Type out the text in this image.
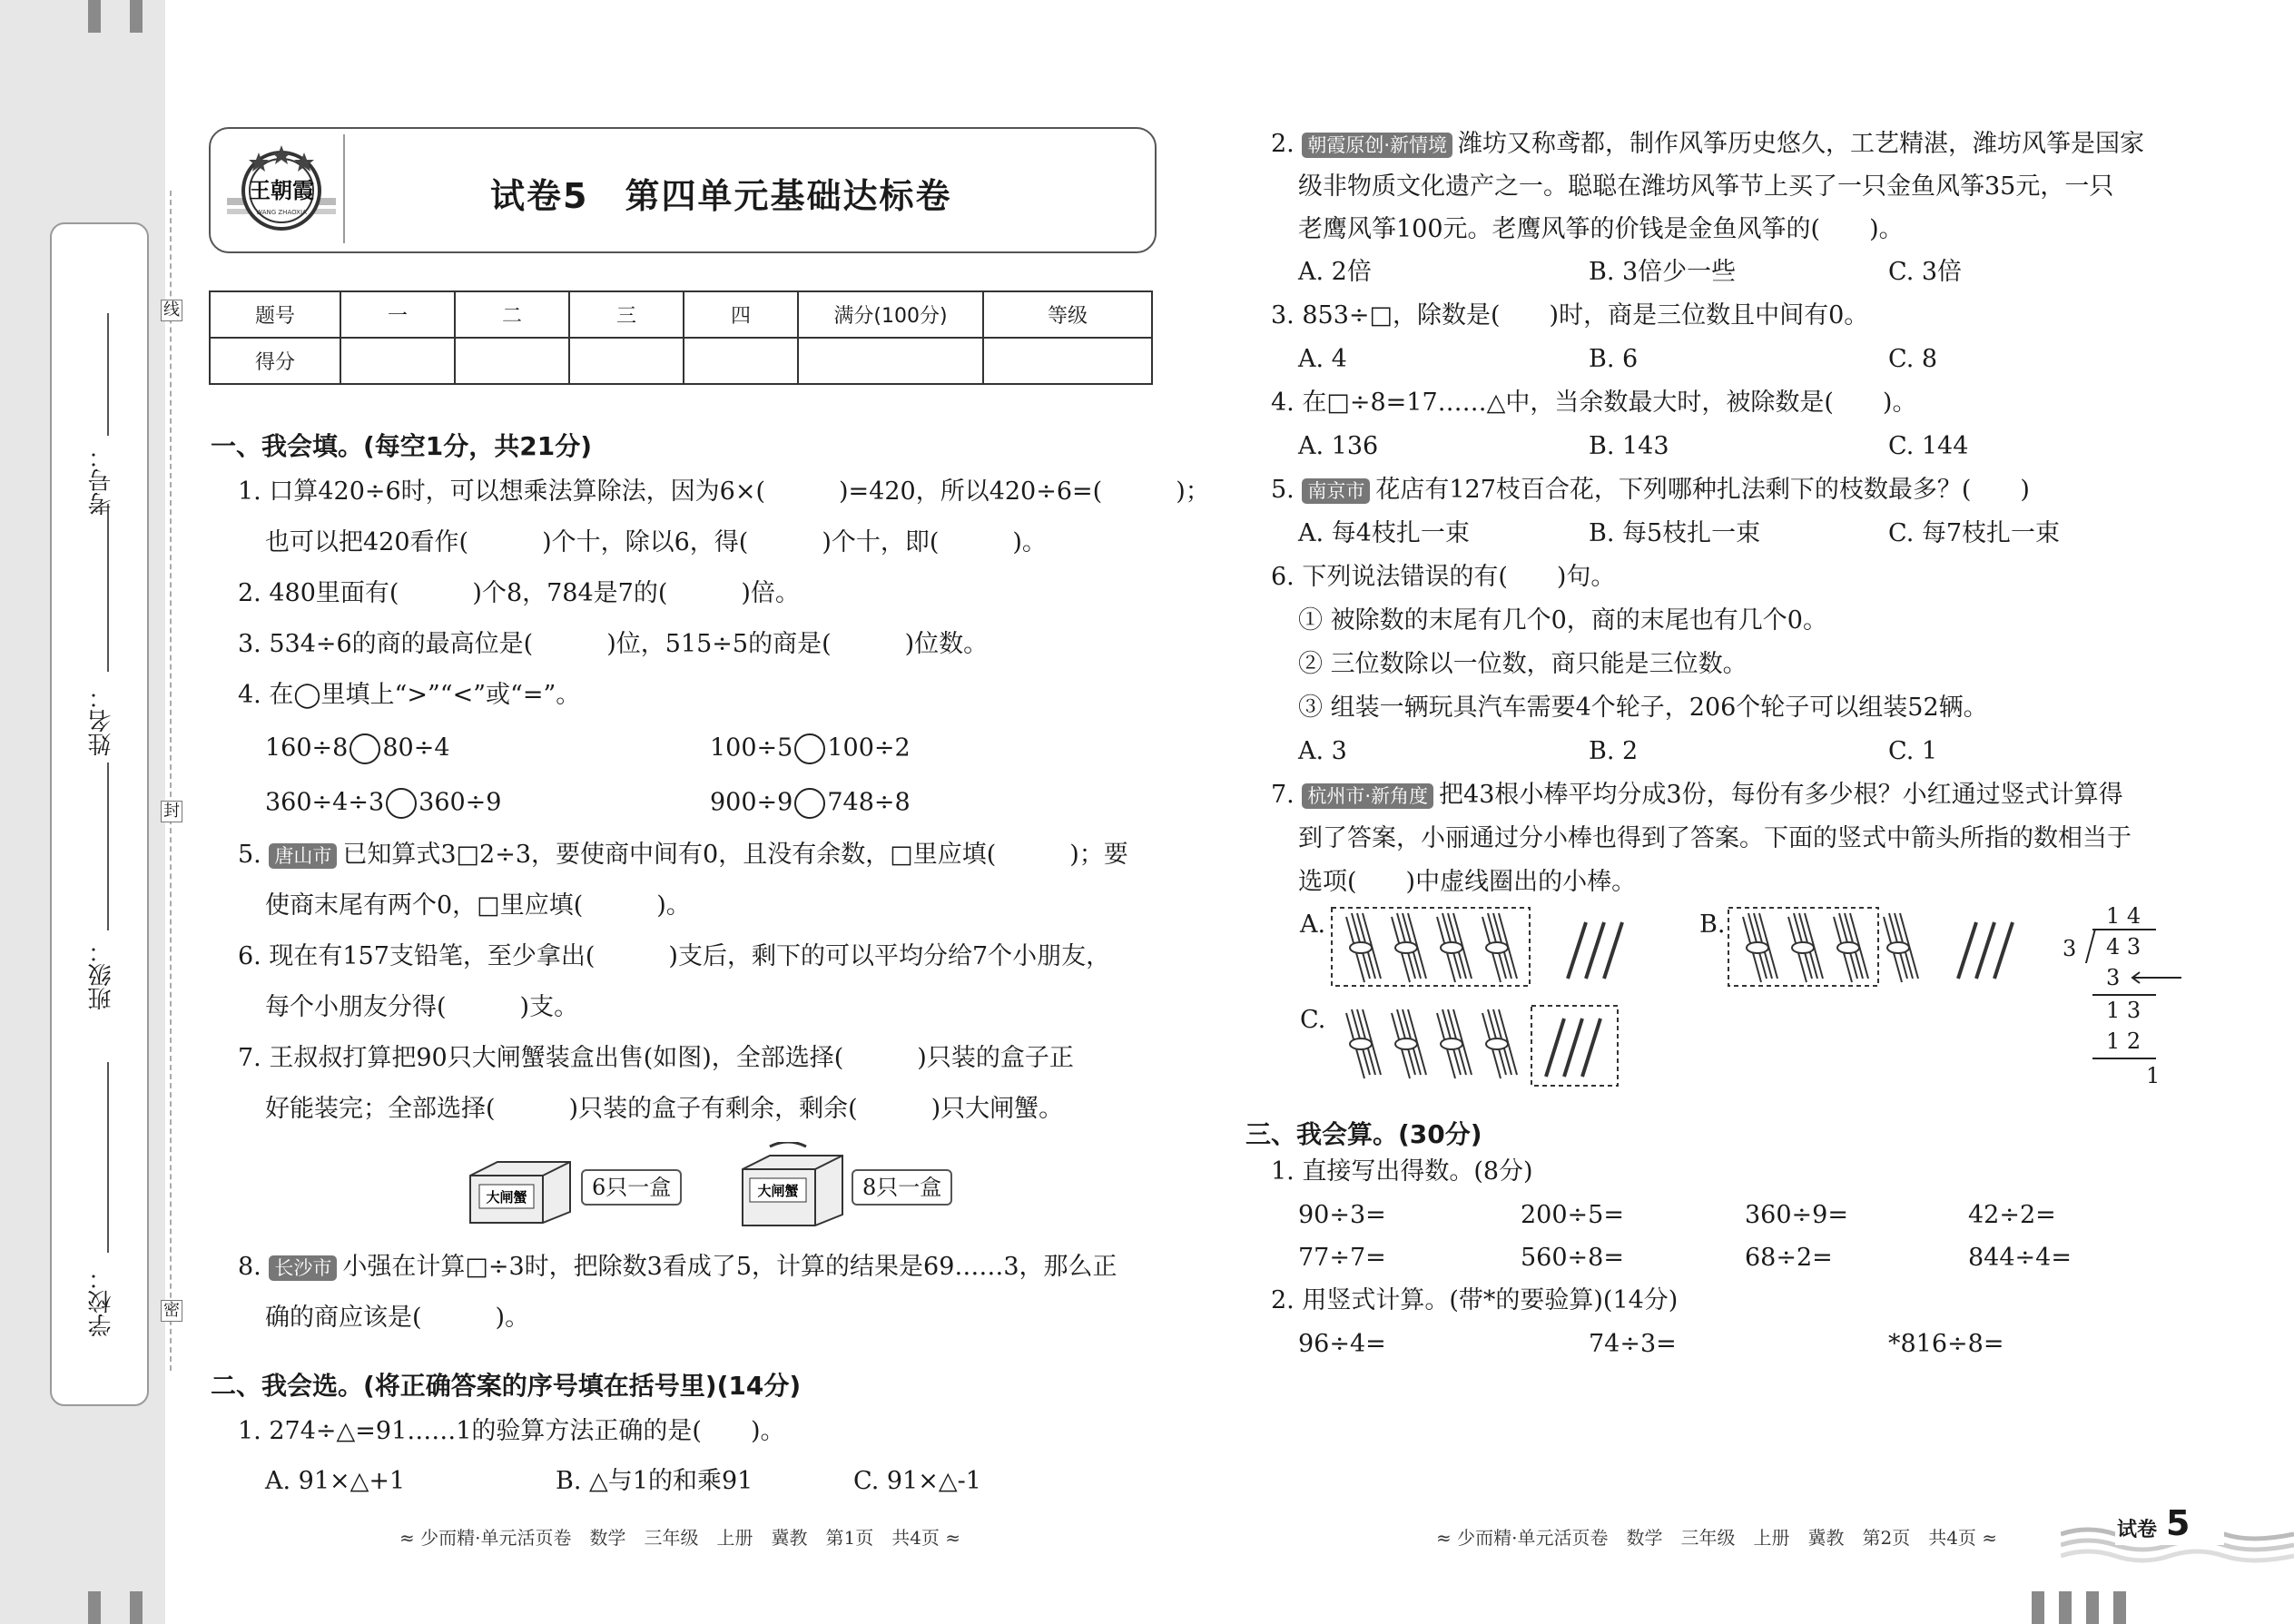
学校：
班级：
姓名：
考号：
线
封
密
王朝霞
WANG ZHAOXIA	试卷5　第四单元基础达标卷
题号	一	二	三	四	满分(100分)	等级
得分						
一、我会填。(每空1分，共21分)
1. 口算420÷6时，可以想乘法算除法，因为6×(　　　)=420，所以420÷6=(　　　)；
也可以把420看作(　　　)个十，除以6，得(　　　)个十，即(　　　)。
2. 480里面有(　　　)个8，784是7的(　　　)倍。
3. 534÷6的商的最高位是(　　　)位，515÷5的商是(　　　)位数。
4. 在◯里填上“>”“<”或“=”。
160÷8 80÷4	100÷5 100÷2
360÷4÷3 360÷9	900÷9 748÷8
5. 唐山市 已知算式3□2÷3，要使商中间有0，且没有余数，□里应填(　　　)；要
使商末尾有两个0，□里应填(　　　)。
6. 现在有157支铅笔，至少拿出(　　　)支后，剩下的可以平均分给7个小朋友，
每个小朋友分得(　　　)支。
7. 王叔叔打算把90只大闸蟹装盒出售(如图)，全部选择(　　　)只装的盒子正
好能装完；全部选择(　　　)只装的盒子有剩余，剩余(　　　)只大闸蟹。
大闸蟹	6只一盒	大闸蟹	8只一盒
8. 长沙市 小强在计算□÷3时，把除数3看成了5，计算的结果是69……3，那么正
确的商应该是(　　　)。
二、我会选。(将正确答案的序号填在括号里)(14分)
1. 274÷△=91……1的验算方法正确的是(　　)。
A. 91×△+1	B. △与1的和乘91	C. 91×△-1
≈ 少而精·单元活页卷　数学　三年级　上册　冀教　第1页　共4页 ≈
2. 朝霞原创·新情境 潍坊又称鸢都，制作风筝历史悠久，工艺精湛，潍坊风筝是国家
级非物质文化遗产之一。聪聪在潍坊风筝节上买了一只金鱼风筝35元，一只
老鹰风筝100元。老鹰风筝的价钱是金鱼风筝的(　　)。
A. 2倍	B. 3倍少一些	C. 3倍
3. 853÷□，除数是(　　)时，商是三位数且中间有0。
A. 4	B. 6	C. 8
4. 在□÷8=17……△中，当余数最大时，被除数是(　　)。
A. 136	B. 143	C. 144
5. 南京市 花店有127枝百合花，下列哪种扎法剩下的枝数最多？(　　)
A. 每4枝扎一束	B. 每5枝扎一束	C. 每7枝扎一束
6. 下列说法错误的有(　　)句。
① 被除数的末尾有几个0，商的末尾也有几个0。
② 三位数除以一位数，商只能是三位数。
③ 组装一辆玩具汽车需要4个轮子，206个轮子可以组装52辆。
A. 3	B. 2	C. 1
7. 杭州市·新角度 把43根小棒平均分成3份，每份有多少根？小红通过竖式计算得
到了答案，小丽通过分小棒也得到了答案。下面的竖式中箭头所指的数相当于
选项(　　)中虚线圈出的小棒。
A.	B.
C.
1 4
3 4 3
3
1 3
1 2
1
三、我会算。(30分)
1. 直接写出得数。(8分)
90÷3=	200÷5=	360÷9=	42÷2=
77÷7=	560÷8=	68÷2=	844÷4=
2. 用竖式计算。(带*的要验算)(14分)
96÷4=	74÷3=	*816÷8=
≈ 少而精·单元活页卷　数学　三年级　上册　冀教　第2页　共4页 ≈	试卷 5
